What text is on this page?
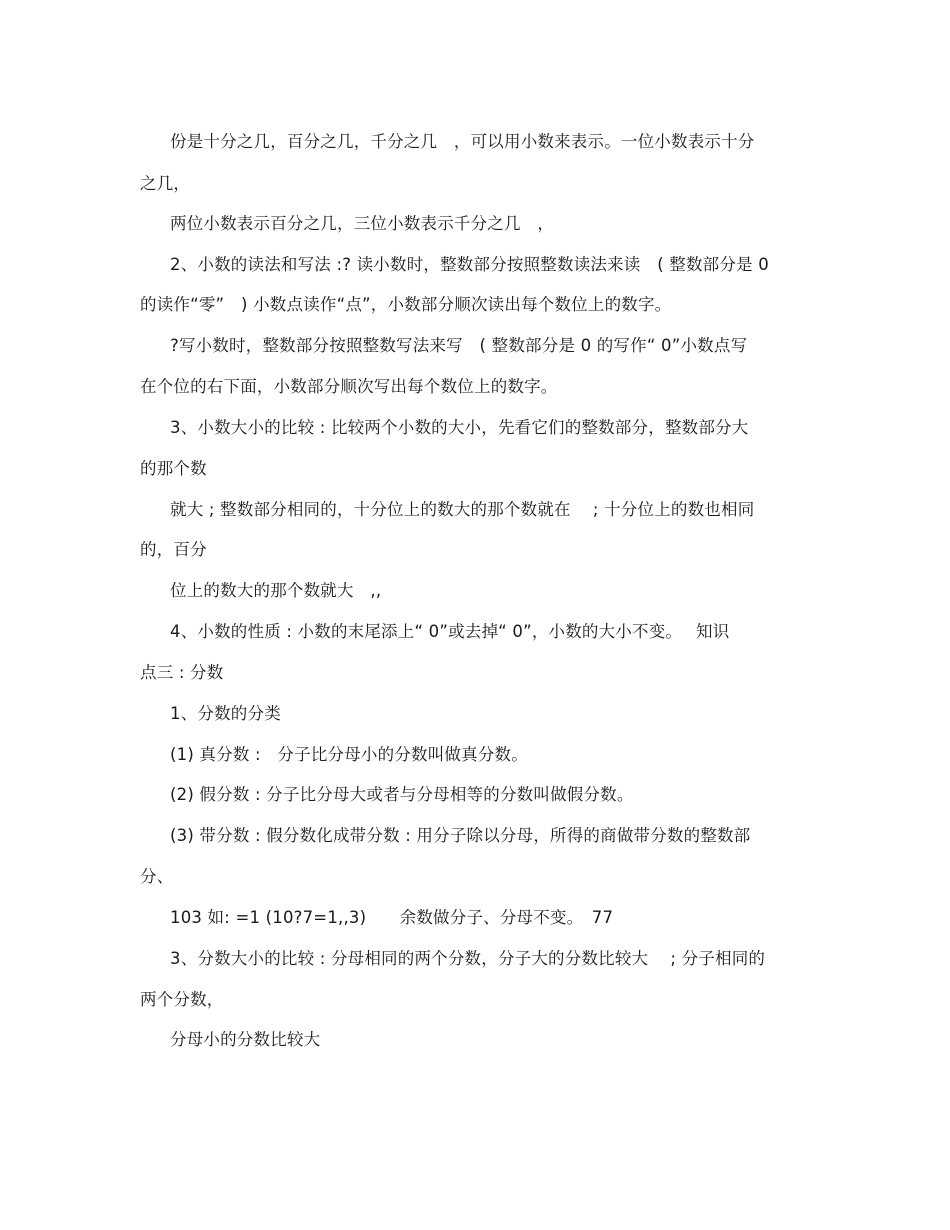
份是十分之几，百分之几，千分之几　，可以用小数来表示。一位小数表示十分
之几，
两位小数表示百分之几，三位小数表示千分之几　，
2、小数的读法和写法 :? 读小数时，整数部分按照整数读法来读　( 整数部分是 0
的读作“零”　) 小数点读作“点”，小数部分顺次读出每个数位上的数字。
?写小数时，整数部分按照整数写法来写　( 整数部分是 0 的写作“ 0”小数点写
在个位的右下面，小数部分顺次写出每个数位上的数字。
3、小数大小的比较 : 比较两个小数的大小，先看它们的整数部分，整数部分大
的那个数
就大 ; 整数部分相同的，十分位上的数大的那个数就在　 ; 十分位上的数也相同
的，百分
位上的数大的那个数就大　,,
4、小数的性质 : 小数的末尾添上“ 0”或去掉“ 0”，小数的大小不变。　 知识
点三 : 分数
1、分数的分类
(1) 真分数 :　分子比分母小的分数叫做真分数。
(2) 假分数 : 分子比分母大或者与分母相等的分数叫做假分数。
(3) 带分数 : 假分数化成带分数 : 用分子除以分母，所得的商做带分数的整数部
分、
103 如: =1 (10?7=1,,3)　　余数做分子、分母不变。　77
3、分数大小的比较 : 分母相同的两个分数，分子大的分数比较大　 ; 分子相同的
两个分数，
分母小的分数比较大
